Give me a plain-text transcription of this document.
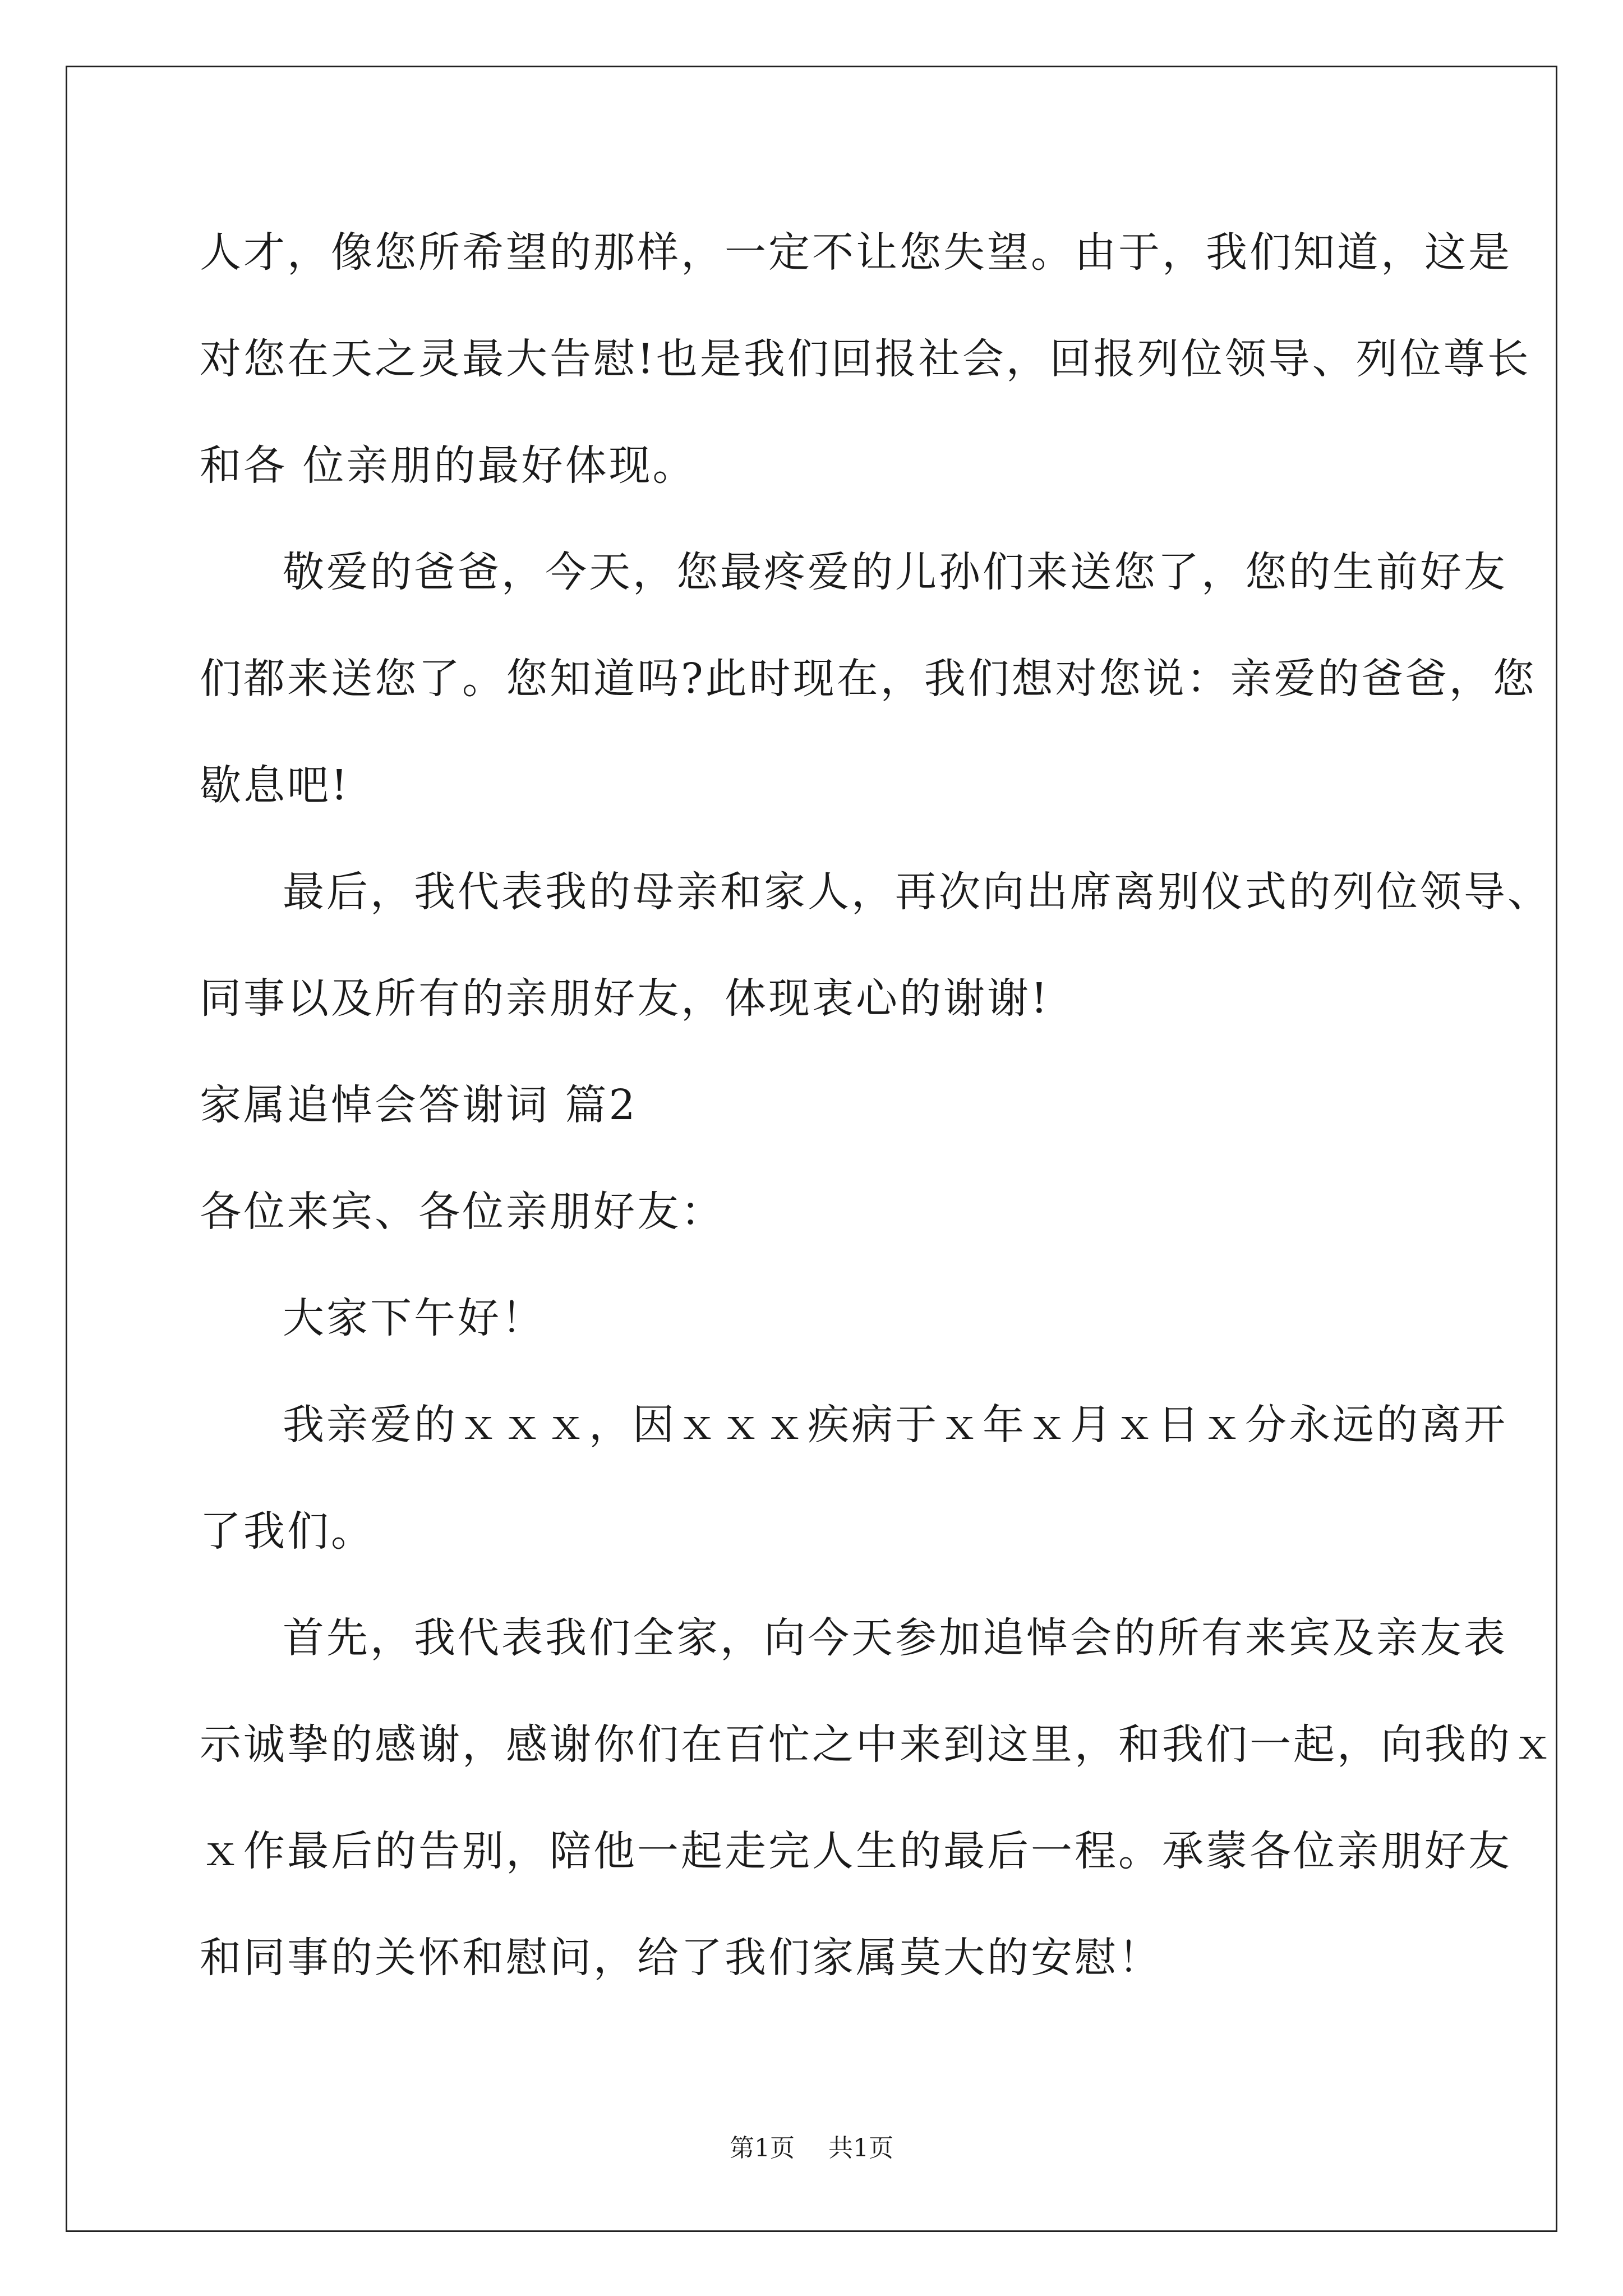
人才，像您所希望的那样，一定不让您失望。由于，我们知道，这是
对您在天之灵最大告慰!也是我们回报社会，回报列位领导、列位尊长
和各 位亲朋的最好体现。
敬爱的爸爸，今天，您最疼爱的儿孙们来送您了，您的生前好友
们都来送您了。您知道吗?此时现在，我们想对您说：亲爱的爸爸，您
歇息吧!
最后，我代表我的母亲和家人，再次向出席离别仪式的列位领导、
同事以及所有的亲朋好友，体现衷心的谢谢!
家属追悼会答谢词 篇2
各位来宾、各位亲朋好友：
大家下午好！
我亲爱的ｘｘｘ，因ｘｘｘ疾病于ｘ年ｘ月ｘ日ｘ分永远的离开
了我们。
首先，我代表我们全家，向今天参加追悼会的所有来宾及亲友表
示诚挚的感谢，感谢你们在百忙之中来到这里，和我们一起，向我的ｘ
ｘ作最后的告别，陪他一起走完人生的最后一程。承蒙各位亲朋好友
和同事的关怀和慰问，给了我们家属莫大的安慰！
第1页 共1页
